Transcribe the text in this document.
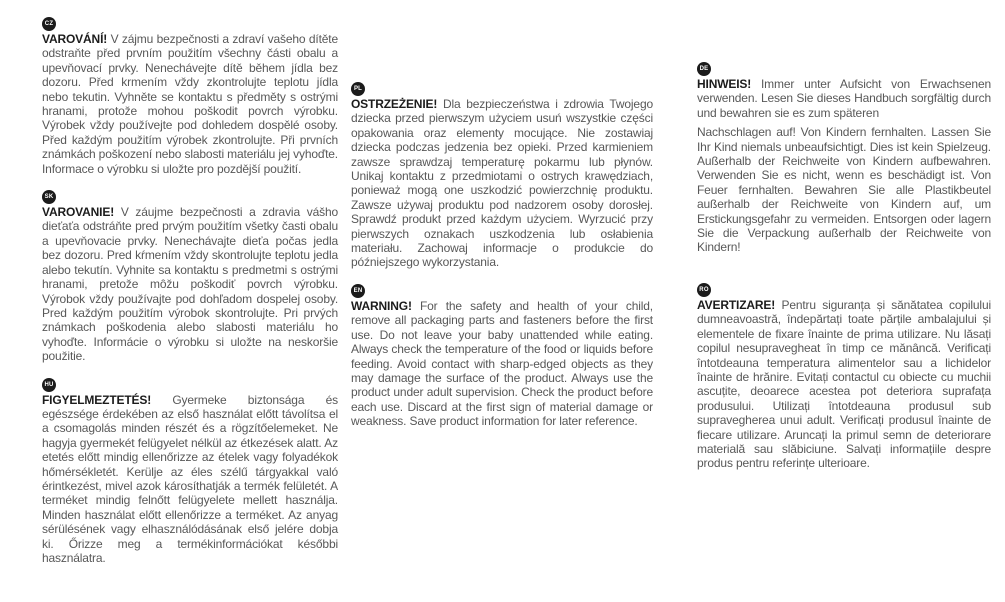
CZ

VAROVÁNÍ! V zájmu bezpečnosti a zdraví vašeho dítěte odstraňte před prvním použitím všechny části obalu a upevňovací prvky. Nenechávejte dítě během jídla bez dozoru. Před krmením vždy zkontrolujte teplotu jídla nebo tekutin. Vyhněte se kontaktu s předměty s ostrými hranami, protože mohou poškodit povrch výrobku. Výrobek vždy používejte pod dohledem dospělé osoby. Před každým použitím výrobek zkontrolujte. Při prvních známkách poškození nebo slabosti materiálu jej vyhoďte. Informace o výrobku si uložte pro pozdější použití.

SK

VAROVANIE! V záujme bezpečnosti a zdravia vášho dieťaťa odstráňte pred prvým použitím všetky časti obalu a upevňovacie prvky. Nenechávajte dieťa počas jedla bez dozoru. Pred kŕmením vždy skontrolujte teplotu jedla alebo tekutín. Vyhnite sa kontaktu s predmetmi s ostrými hranami, pretože môžu poškodiť povrch výrobku. Výrobok vždy používajte pod dohľadom dospelej osoby. Pred každým použitím výrobok skontrolujte. Pri prvých známkach poškodenia alebo slabosti materiálu ho vyhoďte. Informácie o výrobku si uložte na neskoršie použitie.

HU

FIGYELMEZTETÉS! Gyermeke biztonsága és egészsége érdekében az első használat előtt távolítsa el a csomagolás minden részét és a rögzítőelemeket. Ne hagyja gyermekét felügyelet nélkül az étkezések alatt. Az etetés előtt mindig ellenőrizze az ételek vagy folyadékok hőmérsékletét. Kerülje az éles szélű tárgyakkal való érintkezést, mivel azok károsíthatják a termék felületét. A terméket mindig felnőtt felügyelete mellett használja. Minden használat előtt ellenőrizze a terméket. Az anyag sérülésének vagy elhasználódásának első jelére dobja ki. Őrizze meg a termékinformációkat későbbi használatra.

PL

OSTRZEŻENIE! Dla bezpieczeństwa i zdrowia Twojego dziecka przed pierwszym użyciem usuń wszystkie części opakowania oraz elementy mocujące. Nie zostawiaj dziecka podczas jedzenia bez opieki. Przed karmieniem zawsze sprawdzaj temperaturę pokarmu lub płynów. Unikaj kontaktu z przedmiotami o ostrych krawędziach, ponieważ mogą one uszkodzić powierzchnię produktu. Zawsze używaj produktu pod nadzorem osoby dorosłej. Sprawdź produkt przed każdym użyciem. Wyrzucić przy pierwszych oznakach uszkodzenia lub osłabienia materiału. Zachowaj informacje o produkcie do późniejszego wykorzystania.

EN

WARNING! For the safety and health of your child, remove all packaging parts and fasteners before the first use. Do not leave your baby unattended while eating. Always check the temperature of the food or liquids before feeding. Avoid contact with sharp-edged objects as they may damage the surface of the product. Always use the product under adult supervision. Check the product before each use. Discard at the first sign of material damage or weakness. Save product information for later reference.

DE

HINWEIS! Immer unter Aufsicht von Erwachsenen verwenden. Lesen Sie dieses Handbuch sorgfältig durch und bewahren sie es zum späteren

Nachschlagen auf! Von Kindern fernhalten. Lassen Sie Ihr Kind niemals unbeaufsichtigt. Dies ist kein Spielzeug. Außerhalb der Reichweite von Kindern aufbewahren. Verwenden Sie es nicht, wenn es beschädigt ist. Von Feuer fernhalten. Bewahren Sie alle Plastikbeutel außerhalb der Reichweite von Kindern auf, um Erstickungsgefahr zu vermeiden. Entsorgen oder lagern Sie die Verpackung außerhalb der Reichweite von Kindern!

RO

AVERTIZARE! Pentru siguranța și sănătatea copilului dumneavoastră, îndepărtați toate părțile ambalajului și elementele de fixare înainte de prima utilizare. Nu lăsați copilul nesupravegheat în timp ce mănâncă. Verificați întotdeauna temperatura alimentelor sau a lichidelor înainte de hrănire. Evitați contactul cu obiecte cu muchii ascuțite, deoarece acestea pot deteriora suprafața produsului. Utilizați întotdeauna produsul sub supravegherea unui adult. Verificați produsul înainte de fiecare utilizare. Aruncați la primul semn de deteriorare materială sau slăbiciune. Salvați informațiile despre produs pentru referințe ulterioare.
